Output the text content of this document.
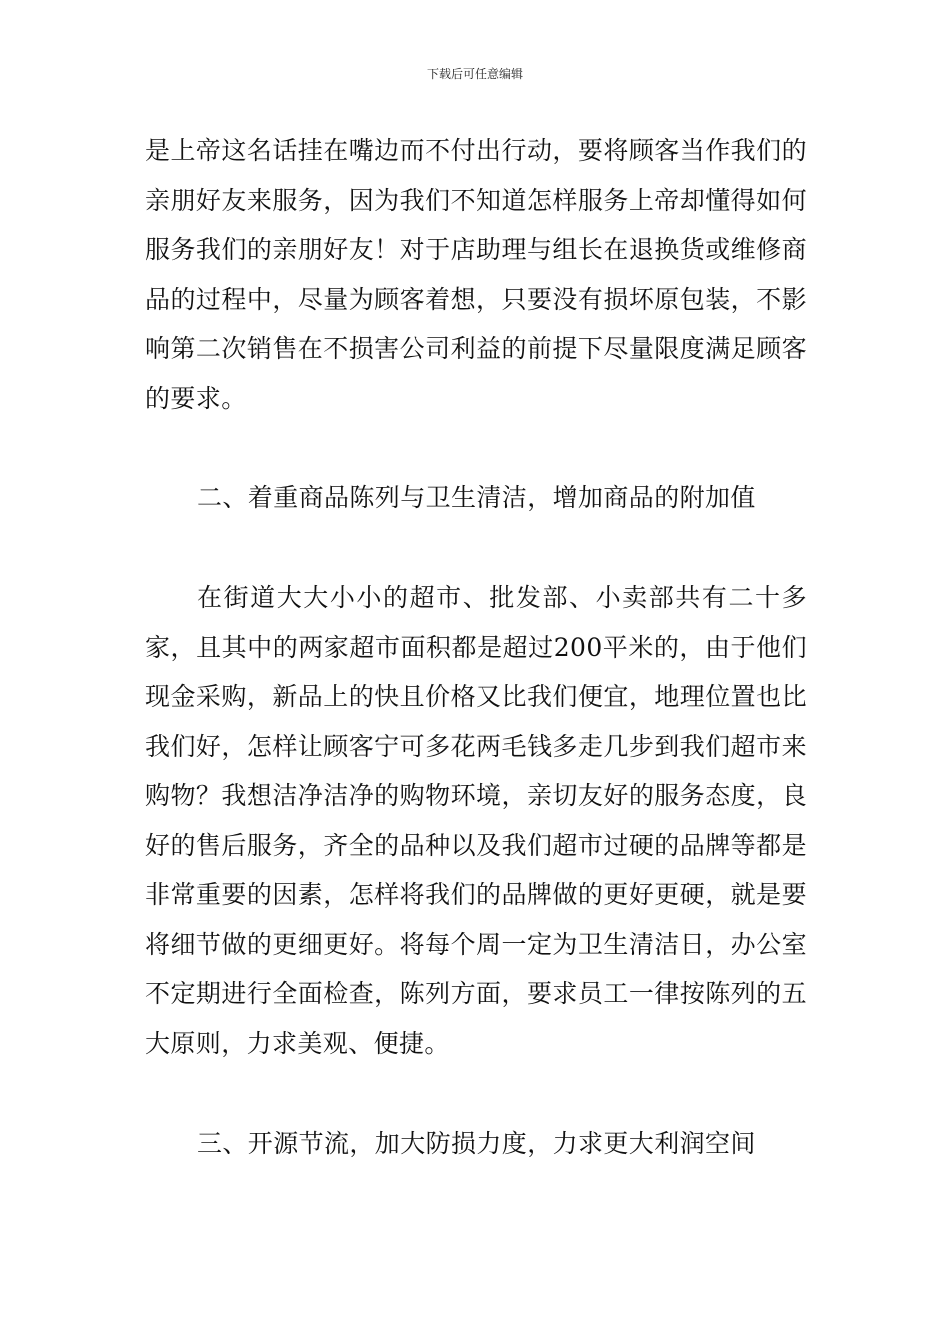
下载后可任意编辑

是上帝这名话挂在嘴边而不付出行动，要将顾客当作我们的亲朋好友来服务，因为我们不知道怎样服务上帝却懂得如何服务我们的亲朋好友！对于店助理与组长在退换货或维修商品的过程中，尽量为顾客着想，只要没有损坏原包装，不影响第二次销售在不损害公司利益的前提下尽量限度满足顾客的要求。

二、着重商品陈列与卫生清洁，增加商品的附加值

在街道大大小小的超市、批发部、小卖部共有二十多家，且其中的两家超市面积都是超过200平米的，由于他们现金采购，新品上的快且价格又比我们便宜，地理位置也比我们好，怎样让顾客宁可多花两毛钱多走几步到我们超市来购物？我想洁净洁净的购物环境，亲切友好的服务态度，良好的售后服务，齐全的品种以及我们超市过硬的品牌等都是非常重要的因素，怎样将我们的品牌做的更好更硬，就是要将细节做的更细更好。将每个周一定为卫生清洁日，办公室不定期进行全面检查，陈列方面，要求员工一律按陈列的五大原则，力求美观、便捷。

三、开源节流，加大防损力度，力求更大利润空间
